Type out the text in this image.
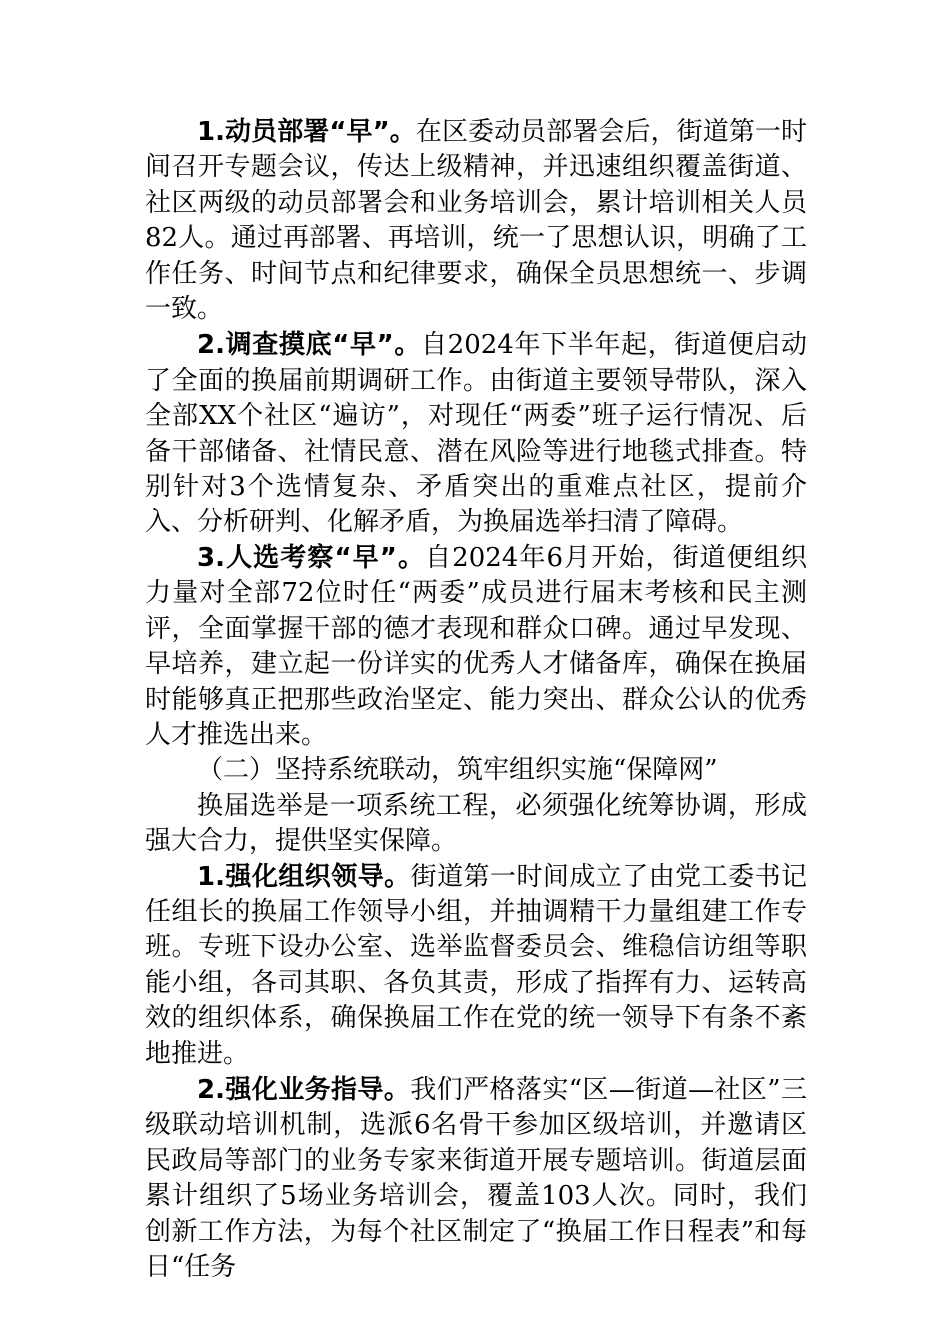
1.动员部署“早”。在区委动员部署会后，街道第一时间召开专题会议，传达上级精神，并迅速组织覆盖街道、社区两级的动员部署会和业务培训会，累计培训相关人员82人。通过再部署、再培训，统一了思想认识，明确了工作任务、时间节点和纪律要求，确保全员思想统一、步调一致。

2.调查摸底“早”。自2024年下半年起，街道便启动了全面的换届前期调研工作。由街道主要领导带队，深入全部XX个社区“遍访”，对现任“两委”班子运行情况、后备干部储备、社情民意、潜在风险等进行地毯式排查。特别针对3个选情复杂、矛盾突出的重难点社区，提前介入、分析研判、化解矛盾，为换届选举扫清了障碍。

3.人选考察“早”。自2024年6月开始，街道便组织力量对全部72位时任“两委”成员进行届末考核和民主测评，全面掌握干部的德才表现和群众口碑。通过早发现、早培养，建立起一份详实的优秀人才储备库，确保在换届时能够真正把那些政治坚定、能力突出、群众公认的优秀人才推选出来。

（二）坚持系统联动，筑牢组织实施“保障网”

换届选举是一项系统工程，必须强化统筹协调，形成强大合力，提供坚实保障。

1.强化组织领导。街道第一时间成立了由党工委书记任组长的换届工作领导小组，并抽调精干力量组建工作专班。专班下设办公室、选举监督委员会、维稳信访组等职能小组，各司其职、各负其责，形成了指挥有力、运转高效的组织体系，确保换届工作在党的统一领导下有条不紊地推进。

2.强化业务指导。我们严格落实“区—街道—社区”三级联动培训机制，选派6名骨干参加区级培训，并邀请区民政局等部门的业务专家来街道开展专题培训。街道层面累计组织了5场业务培训会，覆盖103人次。同时，我们创新工作方法，为每个社区制定了“换届工作日程表”和每日“任务
